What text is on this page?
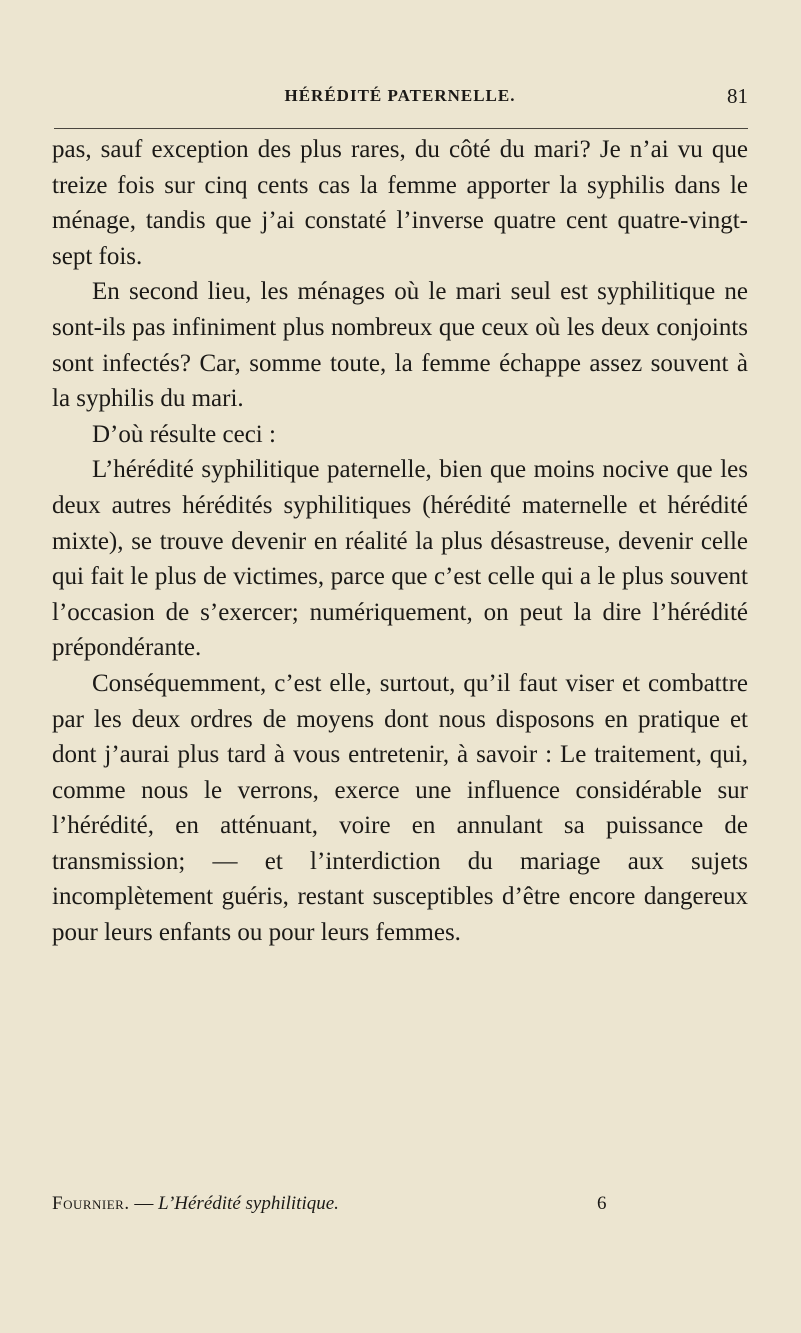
HÉRÉDITÉ PATERNELLE.	81

pas, sauf exception des plus rares, du côté du mari? Je n’ai vu que treize fois sur cinq cents cas la femme apporter la syphilis dans le ménage, tandis que j’ai constaté l’inverse quatre cent quatre-vingt-sept fois.

En second lieu, les ménages où le mari seul est syphilitique ne sont-ils pas infiniment plus nombreux que ceux où les deux conjoints sont infectés? Car, somme toute, la femme échappe assez souvent à la syphilis du mari.

D’où résulte ceci :

L’hérédité syphilitique paternelle, bien que moins nocive que les deux autres hérédités syphilitiques (hérédité maternelle et hérédité mixte), se trouve devenir en réalité la plus désastreuse, devenir celle qui fait le plus de victimes, parce que c’est celle qui a le plus souvent l’occasion de s’exercer; numériquement, on peut la dire l’hérédité prépondérante.

Conséquemment, c’est elle, surtout, qu’il faut viser et combattre par les deux ordres de moyens dont nous disposons en pratique et dont j’aurai plus tard à vous entretenir, à savoir : Le traitement, qui, comme nous le verrons, exerce une influence considérable sur l’hérédité, en atténuant, voire en annulant sa puissance de transmission; — et l’interdiction du mariage aux sujets incomplètement guéris, restant susceptibles d’être encore dangereux pour leurs enfants ou pour leurs femmes.

Fournier. — L’Hérédité syphilitique.	6
